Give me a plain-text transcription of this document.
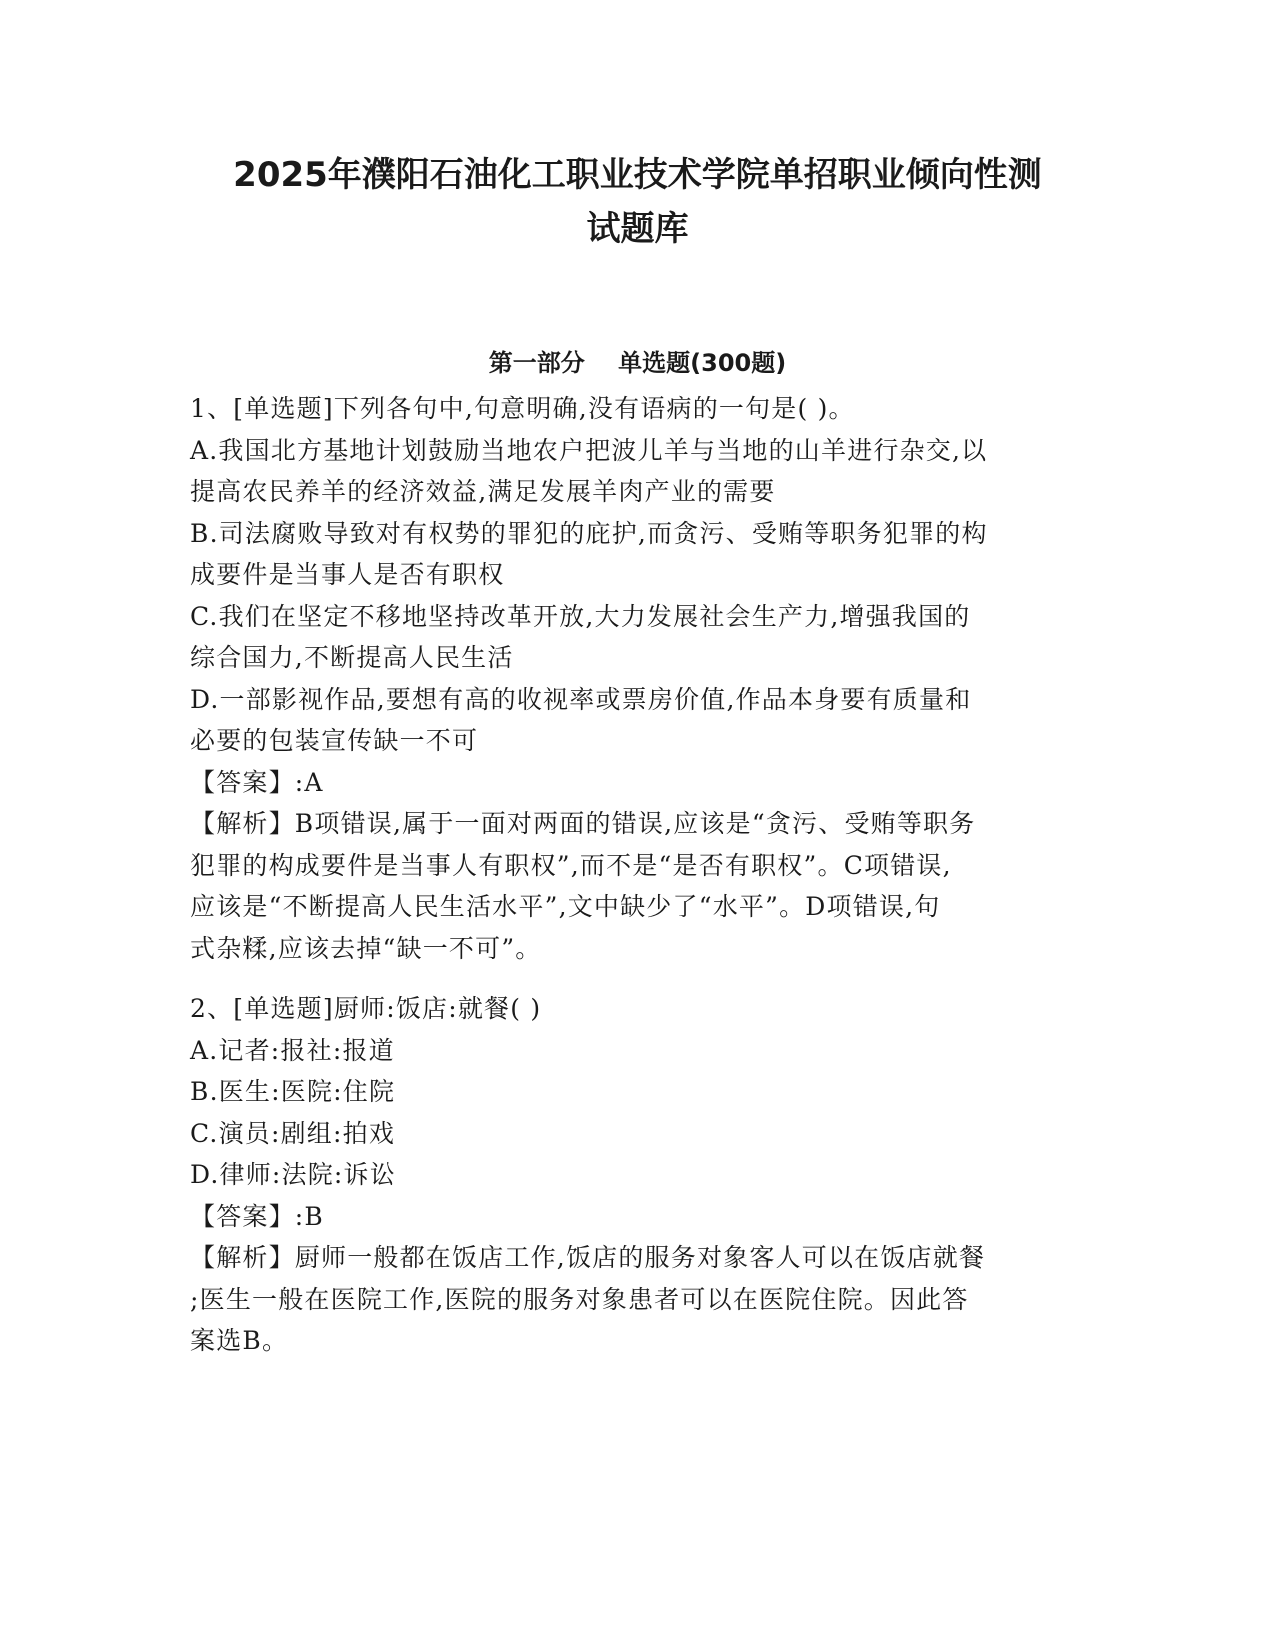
2025年濮阳石油化工职业技术学院单招职业倾向性测
试题库
第一部分    单选题(300题)
1、[单选题]下列各句中,句意明确,没有语病的一句是( )。
A.我国北方基地计划鼓励当地农户把波儿羊与当地的山羊进行杂交,以
提高农民养羊的经济效益,满足发展羊肉产业的需要
B.司法腐败导致对有权势的罪犯的庇护,而贪污、受贿等职务犯罪的构
成要件是当事人是否有职权
C.我们在坚定不移地坚持改革开放,大力发展社会生产力,增强我国的
综合国力,不断提高人民生活
D.一部影视作品,要想有高的收视率或票房价值,作品本身要有质量和
必要的包装宣传缺一不可
【答案】:A
【解析】B项错误,属于一面对两面的错误,应该是“贪污、受贿等职务
犯罪的构成要件是当事人有职权”,而不是“是否有职权”。C项错误,
应该是“不断提高人民生活水平”,文中缺少了“水平”。D项错误,句
式杂糅,应该去掉“缺一不可”。
2、[单选题]厨师:饭店:就餐( )
A.记者:报社:报道
B.医生:医院:住院
C.演员:剧组:拍戏
D.律师:法院:诉讼
【答案】:B
【解析】厨师一般都在饭店工作,饭店的服务对象客人可以在饭店就餐
;医生一般在医院工作,医院的服务对象患者可以在医院住院。因此答
案选B。
